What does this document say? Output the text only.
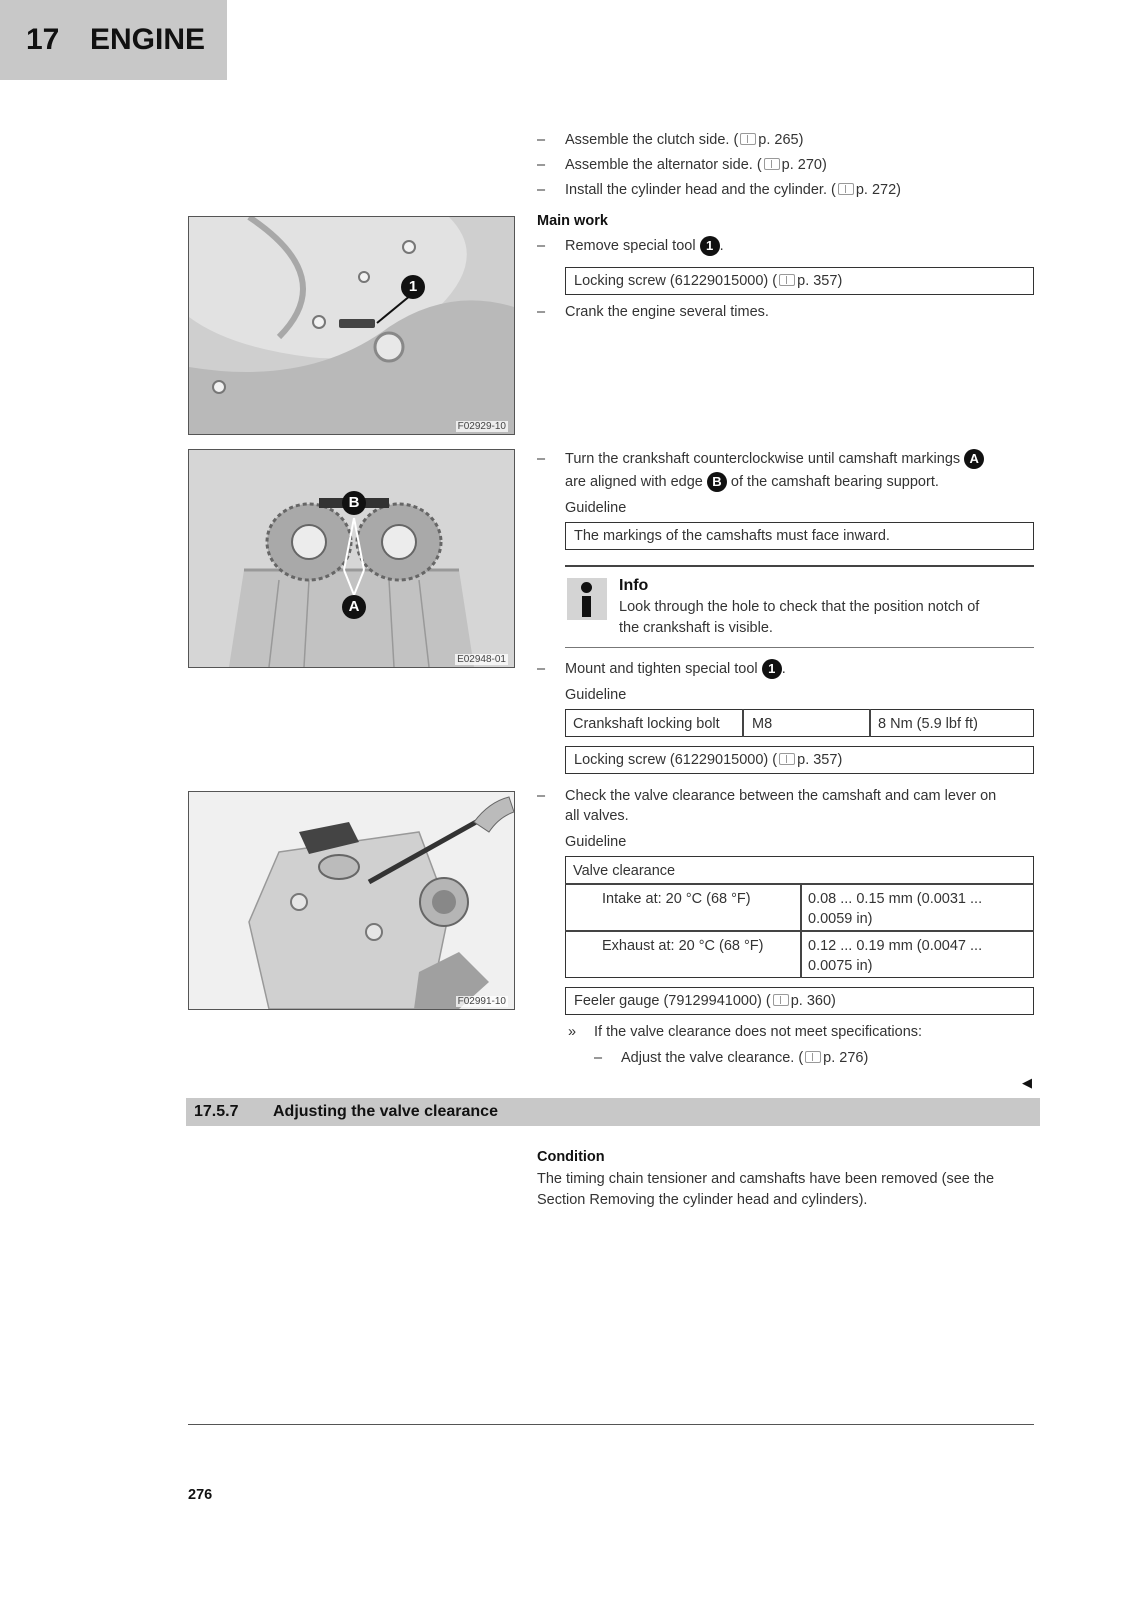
17	ENGINE
1
F02929-10
B
A
E02948-01
F02991-10
– Assemble the clutch side. ( p. 265)
– Assemble the alternator side. ( p. 270)
– Install the cylinder head and the cylinder. ( p. 272)
Main work
– Remove special tool 1 .
Locking screw (61229015000) ( p. 357)
– Crank the engine several times.
– Turn the crankshaft counterclockwise until camshaft markings A
are aligned with edge B of the camshaft bearing support.
Guideline
The markings of the camshafts must face inward.
Info
Look through the hole to check that the position notch of
the crankshaft is visible.
– Mount and tighten special tool 1 .
Guideline
Crankshaft locking bolt	M8	8 Nm (5.9 lbf ft)
Locking screw (61229015000) ( p. 357)
– Check the valve clearance between the camshaft and cam lever on
all valves.
Guideline
Valve clearance
Intake at: 20 °C (68 °F)	0.08 ... 0.15 mm (0.0031 ...
0.0059 in)
Exhaust at: 20 °C (68 °F)	0.12 ... 0.19 mm (0.0047 ...
0.0075 in)
Feeler gauge (79129941000) ( p. 360)
» If the valve clearance does not meet specifications:
– Adjust the valve clearance. ( p. 276)
◀
17.5.7 Adjusting the valve clearance
Condition
The timing chain tensioner and camshafts have been removed (see the
Section Removing the cylinder head and cylinders).
276
